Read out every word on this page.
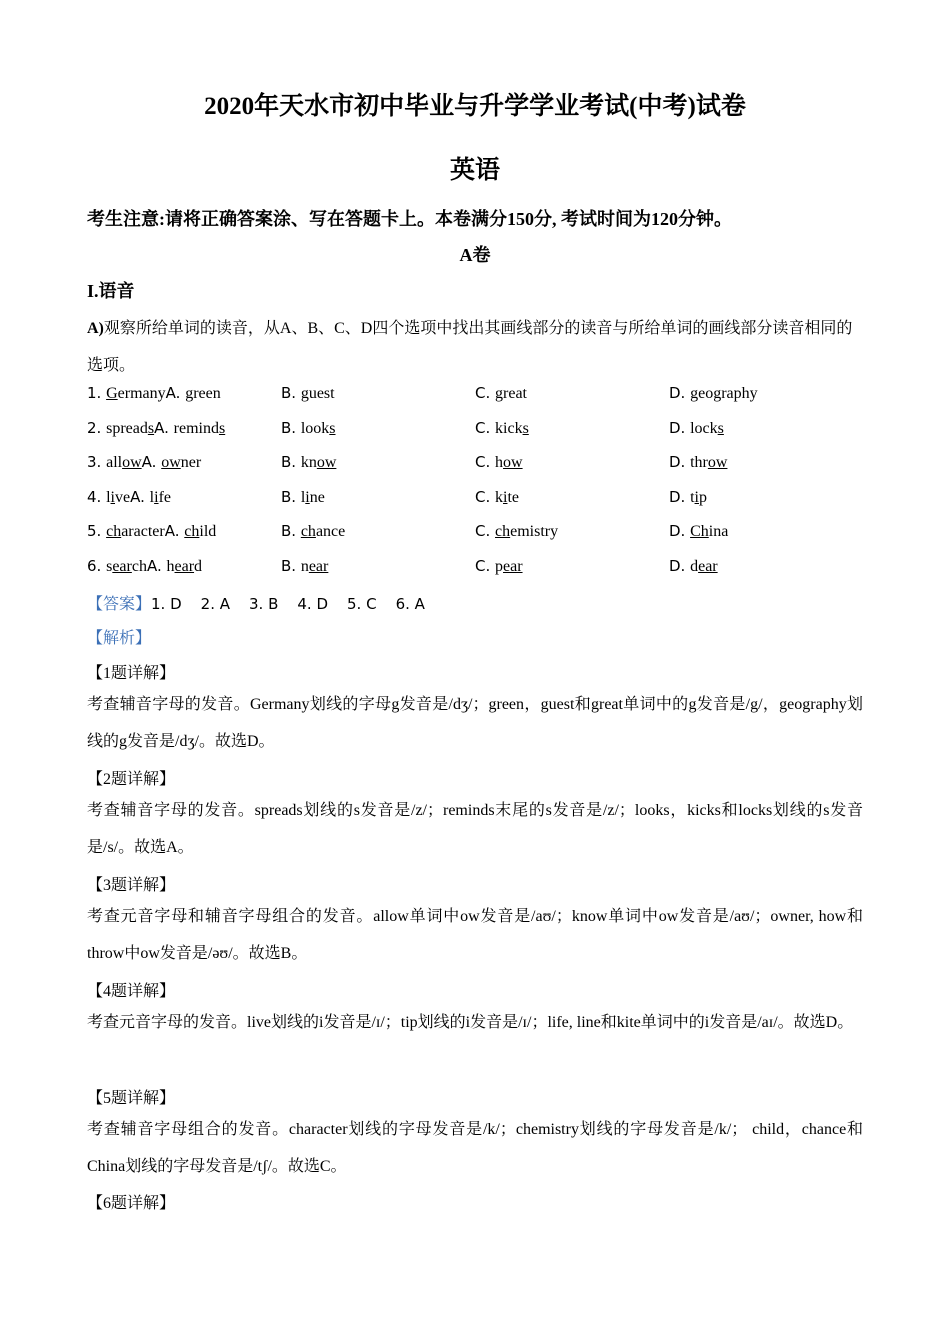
2020年天水市初中毕业与升学学业考试(中考)试卷
英语
考生注意:请将正确答案涂、写在答题卡上。本卷满分150分, 考试时间为120分钟。
A卷
I.语音
A)观察所给单词的读音，从A、B、C、D四个选项中找出其画线部分的读音与所给单词的画线部分读音相同的选项。
1. GermanyA. green	B. guest	C. great	D. geography
2. spreadsA. reminds	B. looks	C. kicks	D. locks
3. allowA. owner	B. know	C. how	D. throw
4. liveA. life	B. line	C. kite	D. tip
5. characterA. child	B. chance	C. chemistry	D. China
6. searchA. heard	B. near	C. pear	D. dear
【答案】1. D 2. A 3. B 4. D 5. C 6. A
【解析】
【1题详解】
考查辅音字母的发音。Germany划线的字母g发音是/dʒ/；green，guest和great单词中的g发音是/g/，geography划线的g发音是/dʒ/。故选D。
【2题详解】
考查辅音字母的发音。spreads划线的s发音是/z/；reminds末尾的s发音是/z/；looks，kicks和locks划线的s发音是/s/。故选A。
【3题详解】
考查元音字母和辅音字母组合的发音。allow单词中ow发音是/aʊ/；know单词中ow发音是/aʊ/；owner, how和throw中ow发音是/əʊ/。故选B。
【4题详解】
考查元音字母的发音。live划线的i发音是/ɪ/；tip划线的i发音是/ɪ/；life, line和kite单词中的i发音是/aɪ/。故选D。
【5题详解】
考查辅音字母组合的发音。character划线的字母发音是/k/；chemistry划线的字母发音是/k/； child，chance和China划线的字母发音是/tʃ/。故选C。
【6题详解】
